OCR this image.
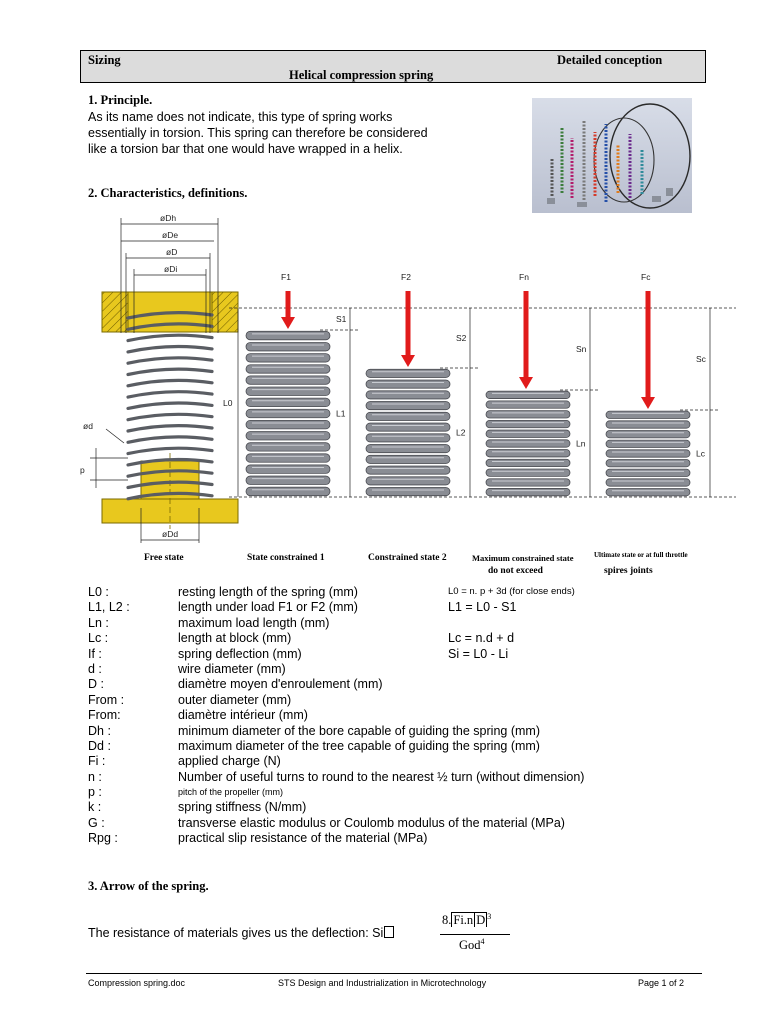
Sizing	Detailed conception
Helical compression spring
1. Principle.
As its name does not indicate, this type of spring works
essentially in torsion. This spring can therefore be considered
like a torsion bar that one would have wrapped in a helix.
2. Characteristics, definitions.
øDh
øDe
øD
øDi
ød
p
øDd
L0
F1
S1
L1
F2
S2
L2
Fn
Sn
Ln
Fc
Sc
Lc
Free state	State constrained 1	Constrained state 2	Maximum constrained state
do not exceed
Ultimate state or at full throttle
spires joints
L0 :	resting length of the spring (mm)	L0 = n. p + 3d (for close ends)
L1, L2 :	length under load F1 or F2 (mm)	L1 = L0 - S1
Ln :	maximum load length (mm)
Lc :	length at block (mm)	Lc = n.d + d
If :	spring deflection (mm)	Si = L0 - Li
d :	wire diameter (mm)
D :	diamètre moyen d'enroulement (mm)
From :	outer diameter (mm)
From:	diamètre intérieur (mm)
Dh :	minimum diameter of the bore capable of guiding the spring (mm)
Dd :	maximum diameter of the tree capable of guiding the spring (mm)
Fi :	applied charge (N)
n :	Number of useful turns to round to the nearest ½ turn (without dimension)
p :	pitch of the propeller (mm)
k :	spring stiffness (N/mm)
G :	transverse elastic modulus or Coulomb modulus of the material (MPa)
Rpg :	practical slip resistance of the material (MPa)
3. Arrow of the spring.
The resistance of materials gives us the deflection: Si
8. Fi.n D $^3$
God$^4$
Compression spring.doc	STS Design and Industrialization in Microtechnology	Page 1 of 2
